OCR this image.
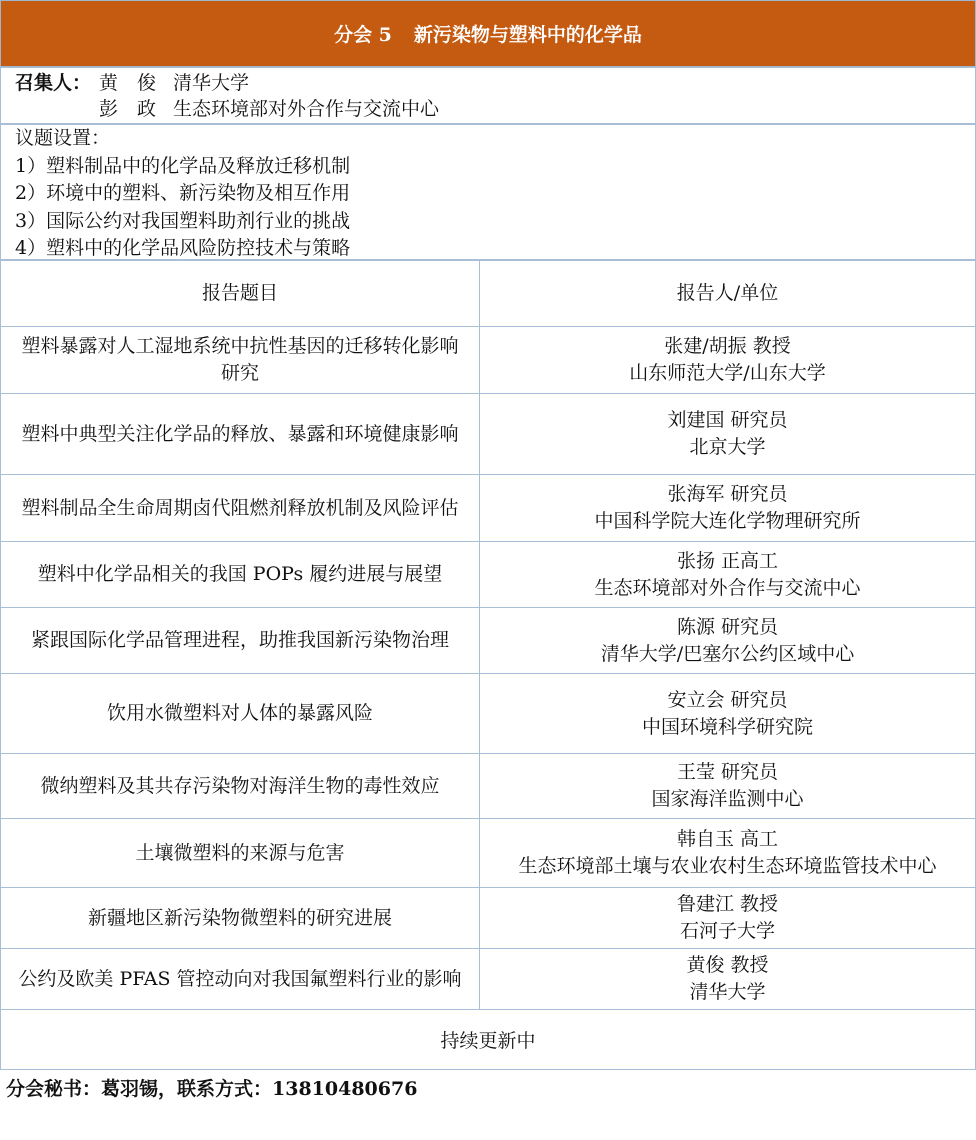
分会 5 新污染物与塑料中的化学品
召集人： 黄　俊 清华大学
彭　政 生态环境部对外合作与交流中心
议题设置：
1）塑料制品中的化学品及释放迁移机制
2）环境中的塑料、新污染物及相互作用
3）国际公约对我国塑料助剂行业的挑战
4）塑料中的化学品风险防控技术与策略
报告题目	报告人/单位
塑料暴露对人工湿地系统中抗性基因的迁移转化影响研究
张建/胡振 教授
山东师范大学/山东大学
塑料中典型关注化学品的释放、暴露和环境健康影响
刘建国 研究员
北京大学
塑料制品全生命周期卤代阻燃剂释放机制及风险评估
张海军 研究员
中国科学院大连化学物理研究所
塑料中化学品相关的我国 POPs 履约进展与展望
张扬 正高工
生态环境部对外合作与交流中心
紧跟国际化学品管理进程，助推我国新污染物治理
陈源 研究员
清华大学/巴塞尔公约区域中心
饮用水微塑料对人体的暴露风险
安立会 研究员
中国环境科学研究院
微纳塑料及其共存污染物对海洋生物的毒性效应
王莹 研究员
国家海洋监测中心
土壤微塑料的来源与危害
韩自玉 高工
生态环境部土壤与农业农村生态环境监管技术中心
新疆地区新污染物微塑料的研究进展
鲁建江 教授
石河子大学
公约及欧美 PFAS 管控动向对我国氟塑料行业的影响
黄俊 教授
清华大学
持续更新中
分会秘书：葛羽锡，联系方式：13810480676
